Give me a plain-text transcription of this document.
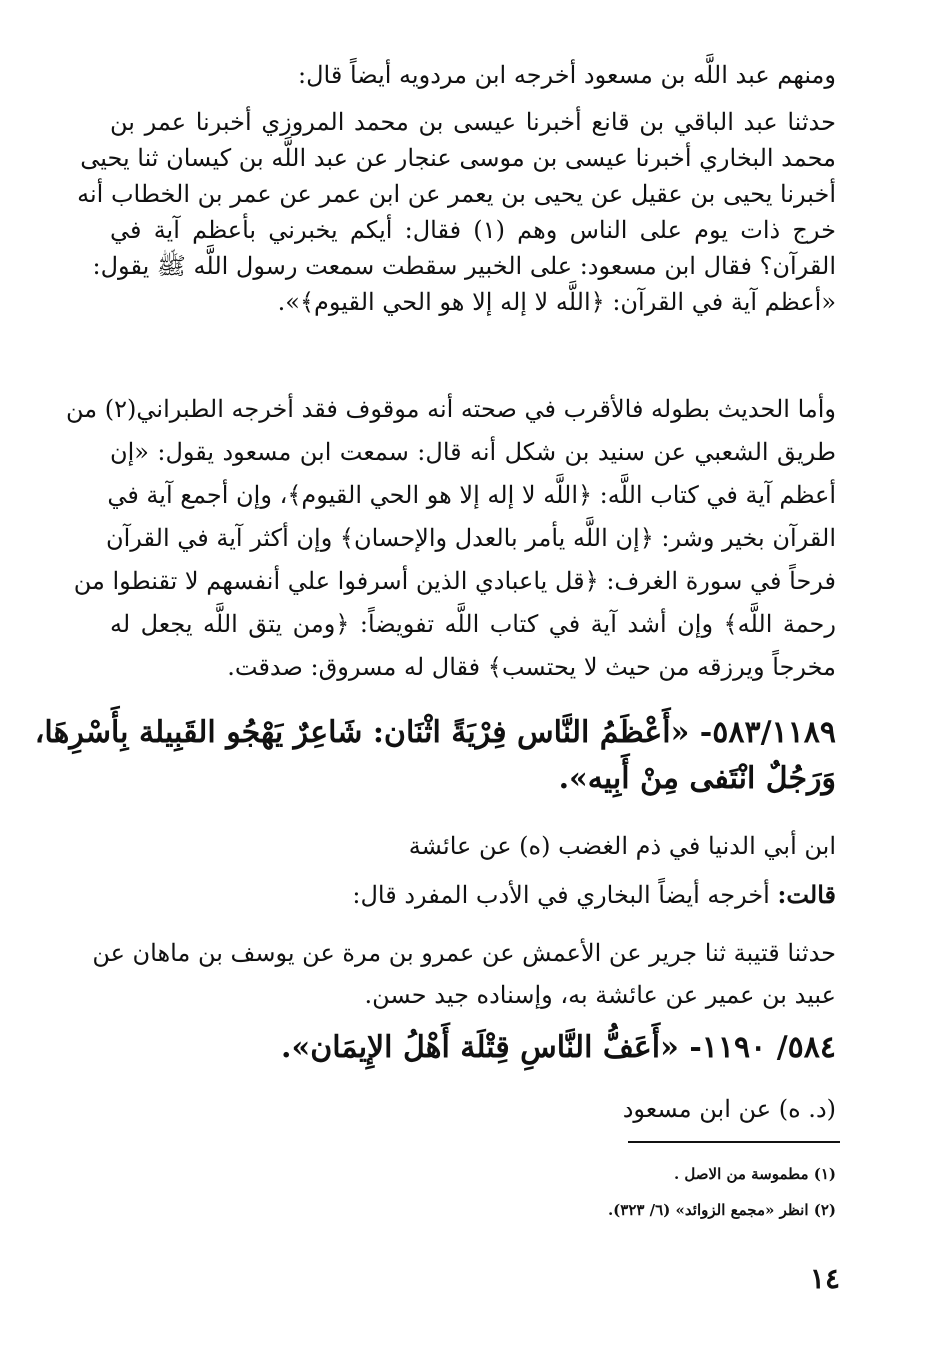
ومنهم عبد اللَّه بن مسعود أخرجه ابن مردويه أيضاً قال:
حدثنا عبد الباقي بن قانع أخبرنا عيسى بن محمد المروزي أخبرنا عمر بن
محمد البخاري أخبرنا عيسى بن موسى عنجار عن عبد اللَّه بن كيسان ثنا يحيى
أخبرنا يحيى بن عقيل عن يحيى بن يعمر عن ابن عمر عن عمر بن الخطاب أنه
خرج ذات يوم على الناس وهم (١) فقال: أيكم يخبرني بأعظم آية في
القرآن؟ فقال ابن مسعود: على الخبير سقطت سمعت رسول اللَّه ﷺ يقول:
«أعظم آية في القرآن: ﴿اللَّه لا إله إلا هو الحي القيوم﴾».
وأما الحديث بطوله فالأقرب في صحته أنه موقوف فقد أخرجه الطبراني(٢) من
طريق الشعبي عن سنيد بن شكل أنه قال: سمعت ابن مسعود يقول: «إن
أعظم آية في كتاب اللَّه: ﴿اللَّه لا إله إلا هو الحي القيوم﴾، وإن أجمع آية في
القرآن بخير وشر: ﴿إن اللَّه يأمر بالعدل والإحسان﴾ وإن أكثر آية في القرآن
فرحاً في سورة الغرف: ﴿قل ياعبادي الذين أسرفوا علي أنفسهم لا تقنطوا من
رحمة اللَّه﴾ وإن أشد آية في كتاب اللَّه تفويضاً: ﴿ومن يتق اللَّه يجعل له
مخرجاً ويرزقه من حيث لا يحتسب﴾ فقال له مسروق: صدقت.
٥٨٣/١١٨٩- «أَعْظَمُ النَّاس فِرْيَةً اثْنَان: شَاعِرٌ يَهْجُو القَبِيلة بِأَسْرِهَا،
وَرَجُلٌ انْتَفى مِنْ أَبِيه».
ابن أبي الدنيا في ذم الغضب (ه) عن عائشة
قالت: أخرجه أيضاً البخاري في الأدب المفرد قال:
حدثنا قتيبة ثنا جرير عن الأعمش عن عمرو بن مرة عن يوسف بن ماهان عن
عبيد بن عمير عن عائشة به، وإسناده جيد حسن.
٥٨٤/ ١١٩٠- «أَعَفُّ النَّاسِ قِتْلَة أَهْلُ الإِيمَان».
(د. ه) عن ابن مسعود
(١) مطموسة من الاصل .
(٢) انظر «مجمع الزوائد» (٦/ ٣٢٣).
١٤
